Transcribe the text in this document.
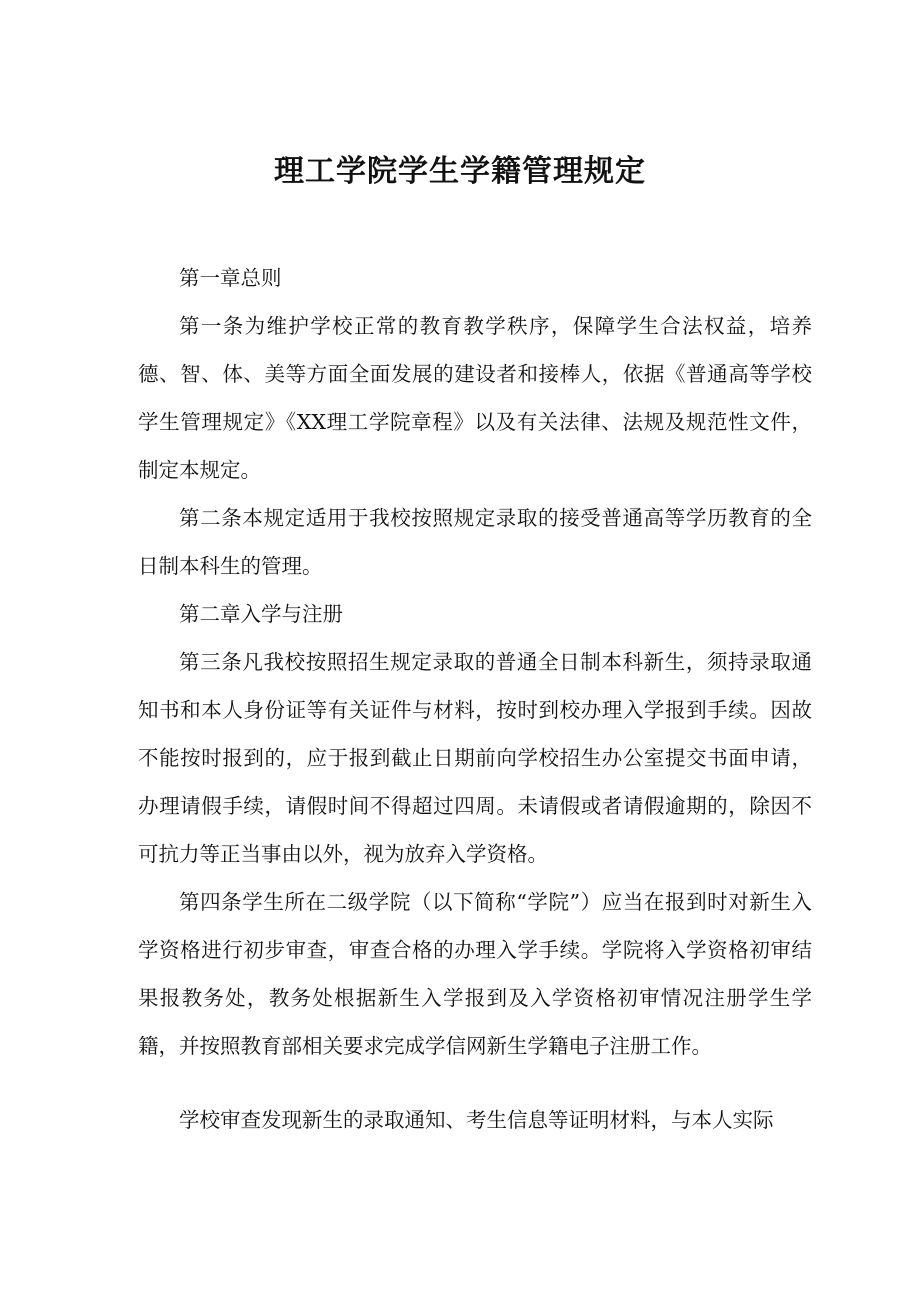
理工学院学生学籍管理规定

第一章总则

第一条为维护学校正常的教育教学秩序，保障学生合法权益，培养德、智、体、美等方面全面发展的建设者和接棒人，依据《普通高等学校学生管理规定》《XX理工学院章程》以及有关法律、法规及规范性文件，制定本规定。

第二条本规定适用于我校按照规定录取的接受普通高等学历教育的全日制本科生的管理。

第二章入学与注册

第三条凡我校按照招生规定录取的普通全日制本科新生，须持录取通知书和本人身份证等有关证件与材料，按时到校办理入学报到手续。因故不能按时报到的，应于报到截止日期前向学校招生办公室提交书面申请，办理请假手续，请假时间不得超过四周。未请假或者请假逾期的，除因不可抗力等正当事由以外，视为放弃入学资格。

第四条学生所在二级学院（以下简称“学院”）应当在报到时对新生入学资格进行初步审查，审查合格的办理入学手续。学院将入学资格初审结果报教务处，教务处根据新生入学报到及入学资格初审情况注册学生学籍，并按照教育部相关要求完成学信网新生学籍电子注册工作。

学校审查发现新生的录取通知、考生信息等证明材料，与本人实际
